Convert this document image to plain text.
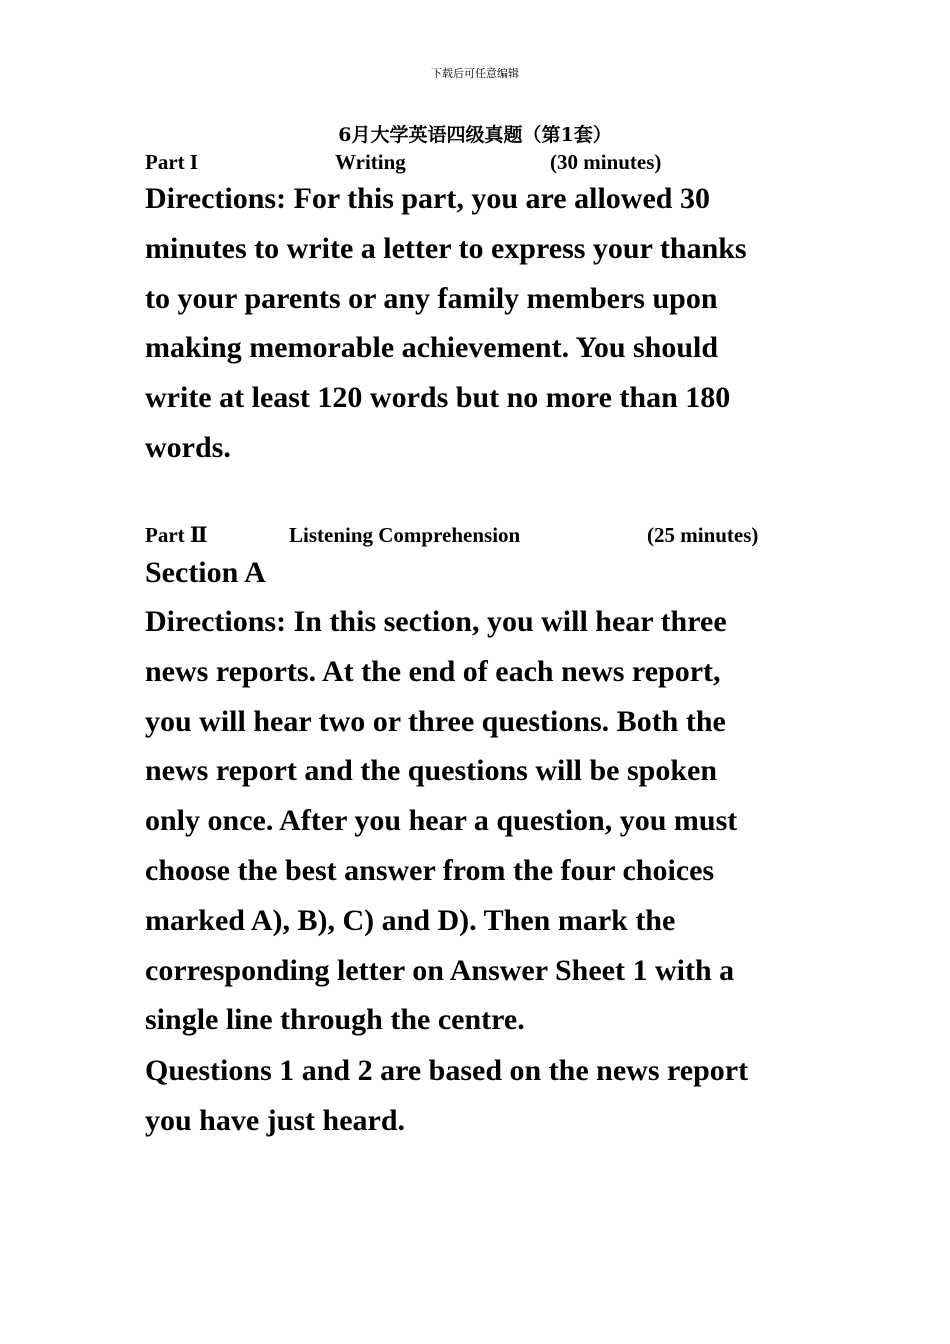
下载后可任意编辑
6月大学英语四级真题（第1套）
Part I	Writing	(30 minutes)
Directions: For this part, you are allowed 30
minutes to write a letter to express your thanks
to your parents or any family members upon
making memorable achievement. You should
write at least 120 words but no more than 180
words.
Part Ⅱ	Listening Comprehension	(25 minutes)
Section A
Directions: In this section, you will hear three
news reports. At the end of each news report,
you will hear two or three questions. Both the
news report and the questions will be spoken
only once. After you hear a question, you must
choose the best answer from the four choices
marked A), B), C) and D). Then mark the
corresponding letter on Answer Sheet 1 with a
single line through the centre.
Questions 1 and 2 are based on the news report
you have just heard.
